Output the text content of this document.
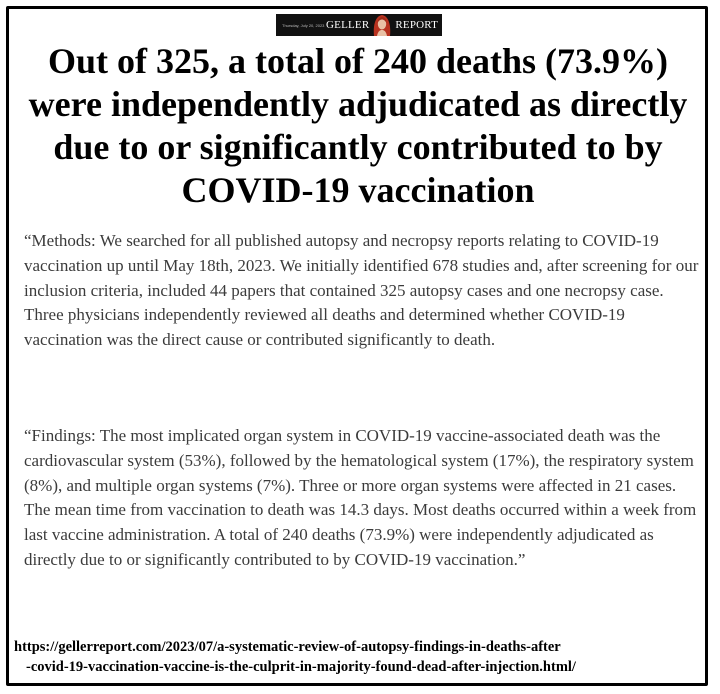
Thursday, July 20, 2023 GELLER REPORT
Out of 325, a total of 240 deaths (73.9%) were independently adjudicated as directly due to or significantly contributed to by COVID-19 vaccination

“Methods: We searched for all published autopsy and necropsy reports relating to COVID-19 vaccination up until May 18th, 2023. We initially identified 678 studies and, after screening for our inclusion criteria, included 44 papers that contained 325 autopsy cases and one necropsy case. Three physicians independently reviewed all deaths and determined whether COVID-19 vaccination was the direct cause or contributed significantly to death.

“Findings: The most implicated organ system in COVID-19 vaccine-associated death was the cardiovascular system (53%), followed by the hematological system (17%), the respiratory system (8%), and multiple organ systems (7%). Three or more organ systems were affected in 21 cases. The mean time from vaccination to death was 14.3 days. Most deaths occurred within a week from last vaccine administration. A total of 240 deaths (73.9%) were independently adjudicated as directly due to or significantly contributed to by COVID-19 vaccination.”

https://gellerreport.com/2023/07/a-systematic-review-of-autopsy-findings-in-deaths-after
-covid-19-vaccination-vaccine-is-the-culprit-in-majority-found-dead-after-injection.html/
